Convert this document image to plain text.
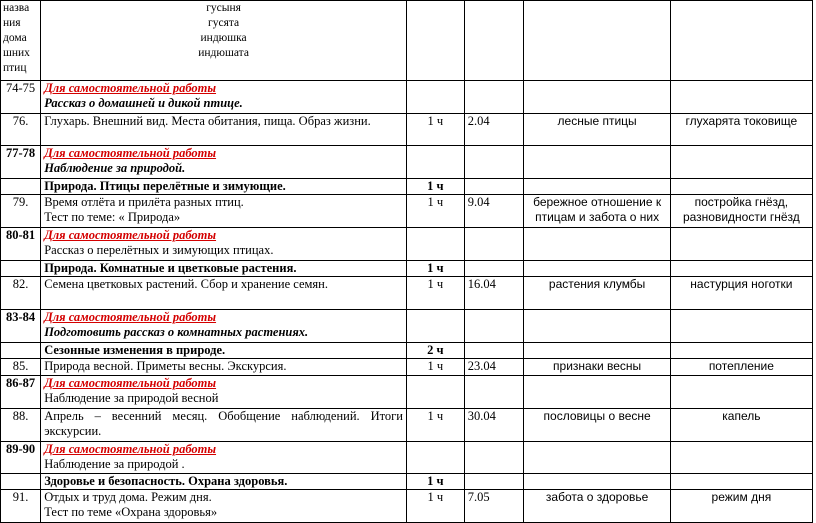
назва
ния
дома
шних
птиц	гусыня
гусята
индюшка
индюшата				

74-75	Для самостоятельной работы
Рассказ о домашней и дикой птице.				

76.	Глухарь. Внешний вид. Места обитания, пища. Образ жизни.	1 ч	2.04	лесные птицы	глухарята токовище
77-78	Для самостоятельной работы
Наблюдение за природой.				

	Природа. Птицы перелётные и зимующие.	1 ч			
79.	Время отлёта и прилёта разных птиц.
Тест по теме: « Природа»	1 ч	9.04	бережное отношение к птицам и забота о них	постройка гнёзд, разновидности гнёзд
80-81	Для самостоятельной работы
Рассказ о перелётных и зимующих птицах.				

	Природа. Комнатные и цветковые растения.	1 ч			
82.	Семена цветковых растений. Сбор и хранение семян.	1 ч	16.04	растения клумбы	настурция ноготки
83-84	Для самостоятельной работы
Подготовить рассказ о комнатных растениях.				

	Сезонные изменения в природе.	2 ч			
85.	Природа весной. Приметы весны. Экскурсия.	1 ч	23.04	признаки весны	потепление
86-87	Для самостоятельной работы
Наблюдение за природой весной				

88.	Апрель – весенний месяц. Обобщение наблюдений. Итоги экскурсии.	1 ч	30.04	пословицы о весне	капель
89-90	Для самостоятельной работы
Наблюдение за природой .				

	Здоровье и безопасность. Охрана здоровья.	1 ч			
91.	Отдых и труд дома. Режим дня.
Тест по теме «Охрана здоровья»	1 ч	7.05	забота о здоровье	режим дня
